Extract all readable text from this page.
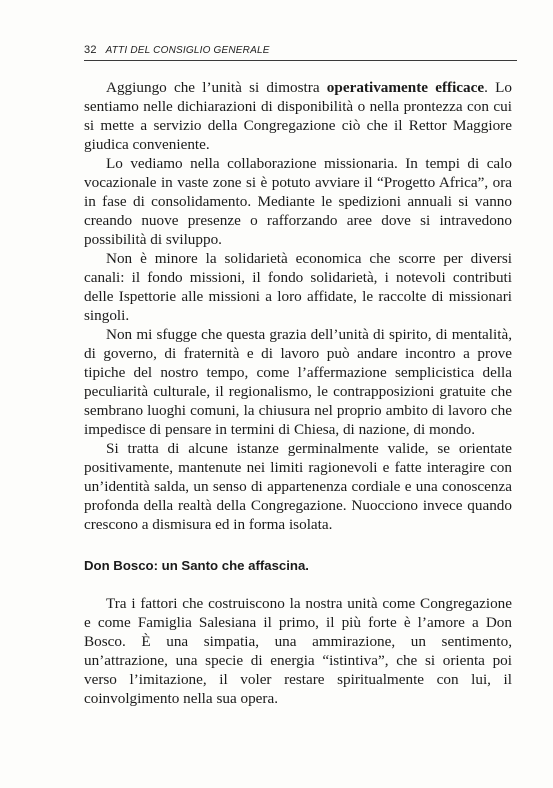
32 ATTI DEL CONSIGLIO GENERALE

Aggiungo che l’unità si dimostra operativamente efficace. Lo sentiamo nelle dichiarazioni di disponibilità o nella prontezza con cui si mette a servizio della Congregazione ciò che il Rettor Maggiore giudica conveniente.

Lo vediamo nella collaborazione missionaria. In tempi di calo vocazionale in vaste zone si è potuto avviare il “Progetto Africa”, ora in fase di consolidamento. Mediante le spedizioni annuali si vanno creando nuove presenze o rafforzando aree dove si intravedono possibilità di sviluppo.

Non è minore la solidarietà economica che scorre per diversi canali: il fondo missioni, il fondo solidarietà, i notevoli contributi delle Ispettorie alle missioni a loro affidate, le raccolte di missionari singoli.

Non mi sfugge che questa grazia dell’unità di spirito, di mentalità, di governo, di fraternità e di lavoro può andare incontro a prove tipiche del nostro tempo, come l’affermazione semplicistica della peculiarità culturale, il regionalismo, le contrapposizioni gratuite che sembrano luoghi comuni, la chiusura nel proprio ambito di lavoro che impedisce di pensare in termini di Chiesa, di nazione, di mondo.

Si tratta di alcune istanze germinalmente valide, se orientate positivamente, mantenute nei limiti ragionevoli e fatte interagire con un’identità salda, un senso di appartenenza cordiale e una conoscenza profonda della realtà della Congregazione. Nuocciono invece quando crescono a dismisura ed in forma isolata.

Don Bosco: un Santo che affascina.

Tra i fattori che costruiscono la nostra unità come Congregazione e come Famiglia Salesiana il primo, il più forte è l’amore a Don Bosco. È una simpatia, una ammirazione, un sentimento, un’attrazione, una specie di energia “istintiva”, che si orienta poi verso l’imitazione, il voler restare spiritualmente con lui, il coinvolgimento nella sua opera.
